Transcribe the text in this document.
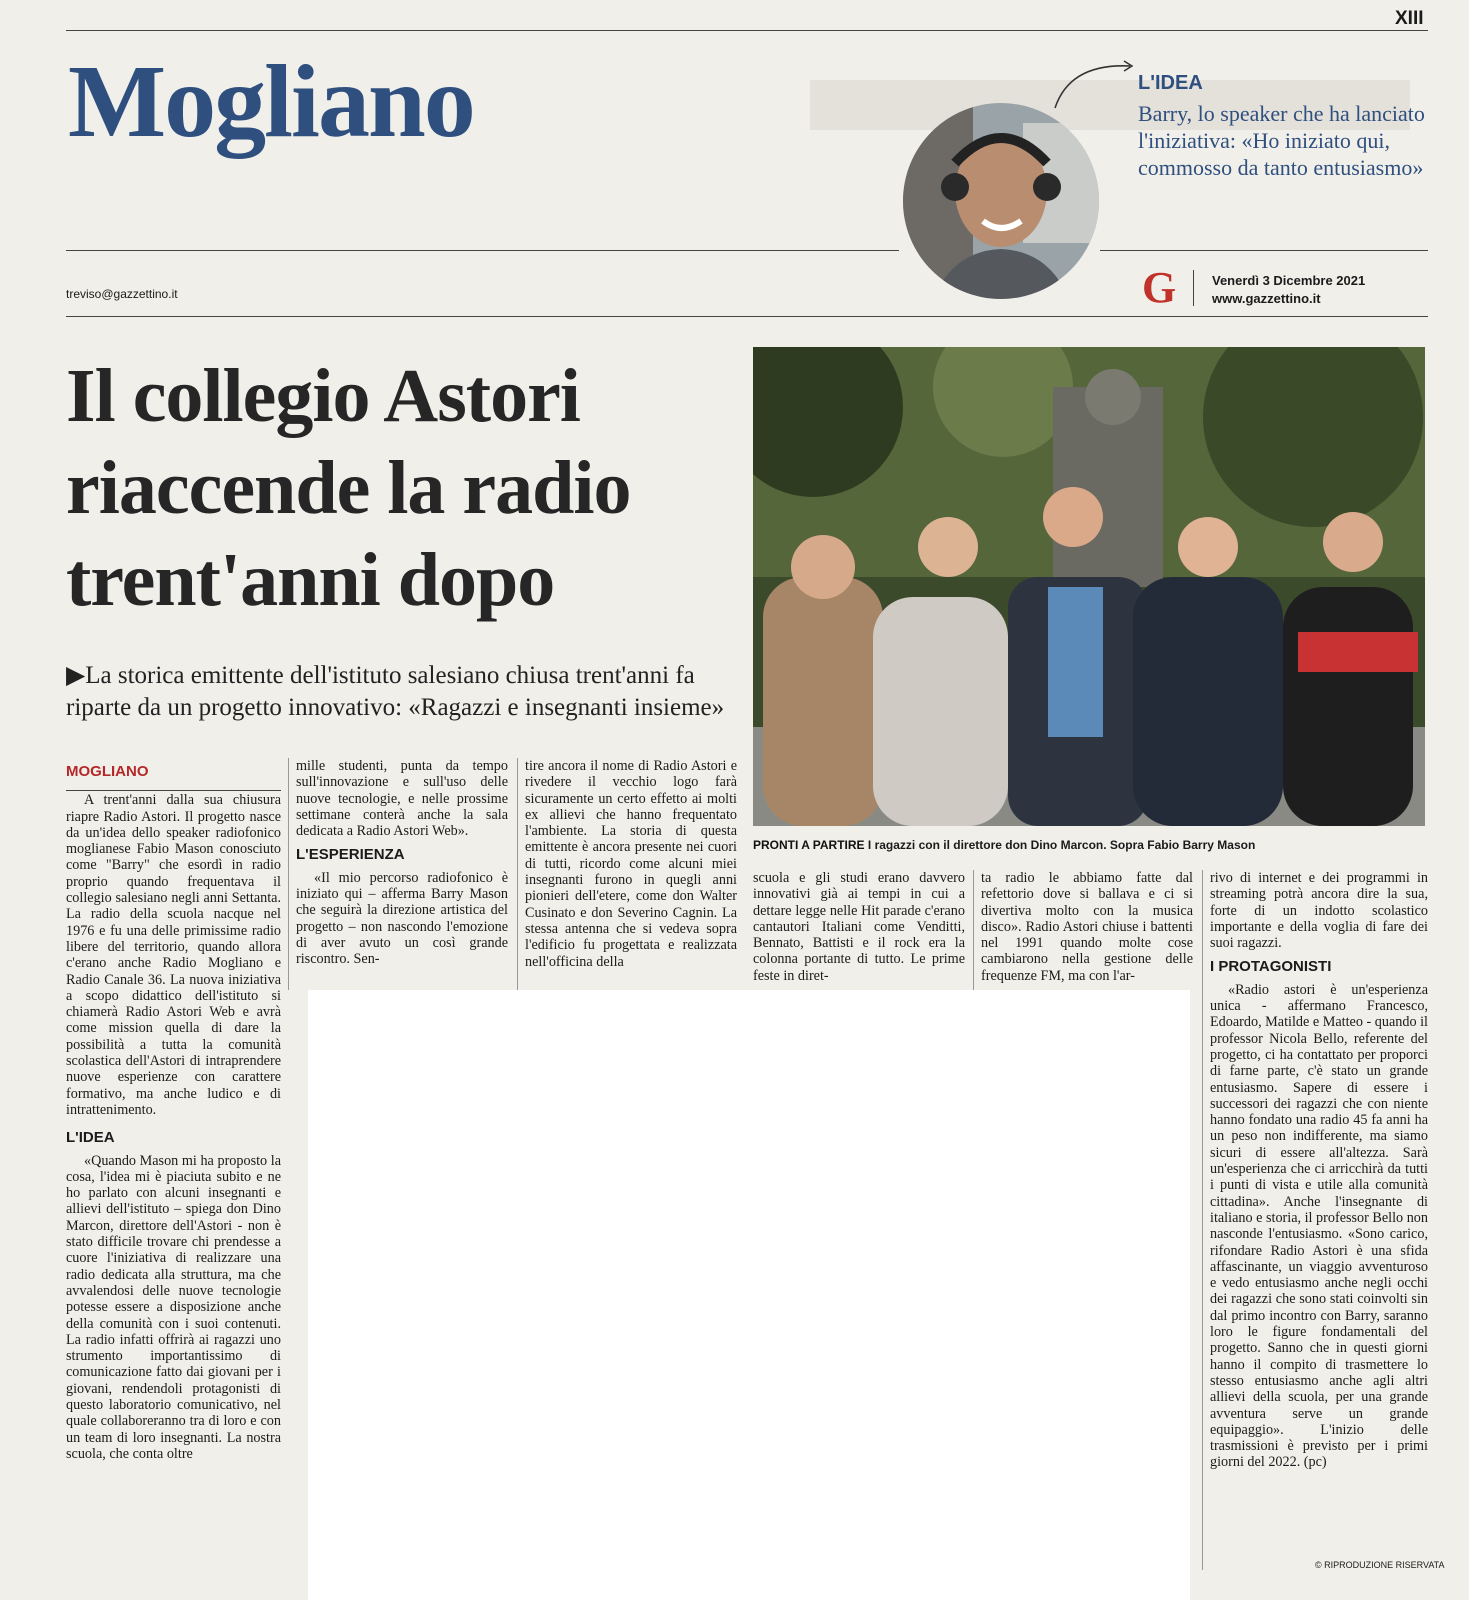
XIII
Mogliano
treviso@gazzettino.it
L'IDEA
Barry, lo speaker che ha lanciato l'iniziativa: «Ho iniziato qui, commosso da tanto entusiasmo»
G	Venerdì 3 Dicembre 2021
www.gazzettino.it
Il collegio Astori riaccende la radio trent'anni dopo
▶La storica emittente dell'istituto salesiano chiusa trent'anni fa riparte da un progetto innovativo: «Ragazzi e insegnanti insieme»
PRONTI A PARTIRE I ragazzi con il direttore don Dino Marcon. Sopra Fabio Barry Mason
MOGLIANO

A trent'anni dalla sua chiusura riapre Radio Astori. Il progetto nasce da un'idea dello speaker radiofonico moglianese Fabio Mason conosciuto come "Barry" che esordì in radio proprio quando frequentava il collegio salesiano negli anni Settanta. La radio della scuola nacque nel 1976 e fu una delle primissime radio libere del territorio, quando allora c'erano anche Radio Mogliano e Radio Canale 36. La nuova iniziativa a scopo didattico dell'istituto si chiamerà Radio Astori Web e avrà come mission quella di dare la possibilità a tutta la comunità scolastica dell'Astori di intraprendere nuove esperienze con carattere formativo, ma anche ludico e di intrattenimento.

L'IDEA

«Quando Mason mi ha proposto la cosa, l'idea mi è piaciuta subito e ne ho parlato con alcuni insegnanti e allievi dell'istituto – spiega don Dino Marcon, direttore dell'Astori - non è stato difficile trovare chi prendesse a cuore l'iniziativa di realizzare una radio dedicata alla struttura, ma che avvalendosi delle nuove tecnologie potesse essere a disposizione anche della comunità con i suoi contenuti. La radio infatti offrirà ai ragazzi uno strumento importantissimo di comunicazione fatto dai giovani per i giovani, rendendoli protagonisti di questo laboratorio comunicativo, nel quale collaboreranno tra di loro e con un team di loro insegnanti. La nostra scuola, che conta oltre

mille studenti, punta da tempo sull'innovazione e sull'uso delle nuove tecnologie, e nelle prossime settimane conterà anche la sala dedicata a Radio Astori Web».

L'ESPERIENZA

«Il mio percorso radiofonico è iniziato qui – afferma Barry Mason che seguirà la direzione artistica del progetto – non nascondo l'emozione di aver avuto un così grande riscontro. Sen-

tire ancora il nome di Radio Astori e rivedere il vecchio logo farà sicuramente un certo effetto ai molti ex allievi che hanno frequentato l'ambiente. La storia di questa emittente è ancora presente nei cuori di tutti, ricordo come alcuni miei insegnanti furono in quegli anni pionieri dell'etere, come don Walter Cusinato e don Severino Cagnin. La stessa antenna che si vedeva sopra l'edificio fu progettata e realizzata nell'officina della

scuola e gli studi erano davvero innovativi già ai tempi in cui a dettare legge nelle Hit parade c'erano cantautori Italiani come Venditti, Bennato, Battisti e il rock era la colonna portante di tutto. Le prime feste in diret-

ta radio le abbiamo fatte dal refettorio dove si ballava e ci si divertiva molto con la musica disco». Radio Astori chiuse i battenti nel 1991 quando molte cose cambiarono nella gestione delle frequenze FM, ma con l'ar-

rivo di internet e dei programmi in streaming potrà ancora dire la sua, forte di un indotto scolastico importante e della voglia di fare dei suoi ragazzi.

I PROTAGONISTI

«Radio astori è un'esperienza unica - affermano Francesco, Edoardo, Matilde e Matteo - quando il professor Nicola Bello, referente del progetto, ci ha contattato per proporci di farne parte, c'è stato un grande entusiasmo. Sapere di essere i successori dei ragazzi che con niente hanno fondato una radio 45 fa anni ha un peso non indifferente, ma siamo sicuri di essere all'altezza. Sarà un'esperienza che ci arricchirà da tutti i punti di vista e utile alla comunità cittadina». Anche l'insegnante di italiano e storia, il professor Bello non nasconde l'entusiasmo. «Sono carico, rifondare Radio Astori è una sfida affascinante, un viaggio avventuroso e vedo entusiasmo anche negli occhi dei ragazzi che sono stati coinvolti sin dal primo incontro con Barry, saranno loro le figure fondamentali del progetto. Sanno che in questi giorni hanno il compito di trasmettere lo stesso entusiasmo anche agli altri allievi della scuola, per una grande avventura serve un grande equipaggio». L'inizio delle trasmissioni è previsto per i primi giorni del 2022. (pc)

© RIPRODUZIONE RISERVATA
